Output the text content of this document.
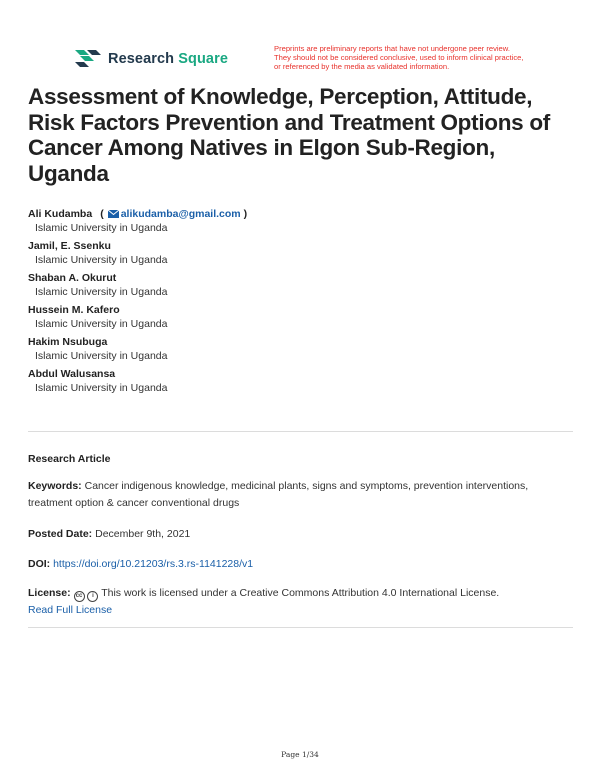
Research Square
Preprints are preliminary reports that have not undergone peer review.
They should not be considered conclusive, used to inform clinical practice,
or referenced by the media as validated information.
Assessment of Knowledge, Perception, Attitude, Risk Factors Prevention and Treatment Options of Cancer Among Natives in Elgon Sub-Region, Uganda
Ali Kudamba ( alikudamba@gmail.com )
Islamic University in Uganda
Jamil, E. Ssenku
Islamic University in Uganda
Shaban A. Okurut
Islamic University in Uganda
Hussein M. Kafero
Islamic University in Uganda
Hakim Nsubuga
Islamic University in Uganda
Abdul Walusansa
Islamic University in Uganda
Research Article
Keywords: Cancer indigenous knowledge, medicinal plants, signs and symptoms, prevention interventions, treatment option & cancer conventional drugs
Posted Date: December 9th, 2021
DOI: https://doi.org/10.21203/rs.3.rs-1141228/v1
License: cc i This work is licensed under a Creative Commons Attribution 4.0 International License.
Read Full License
Page 1/34
